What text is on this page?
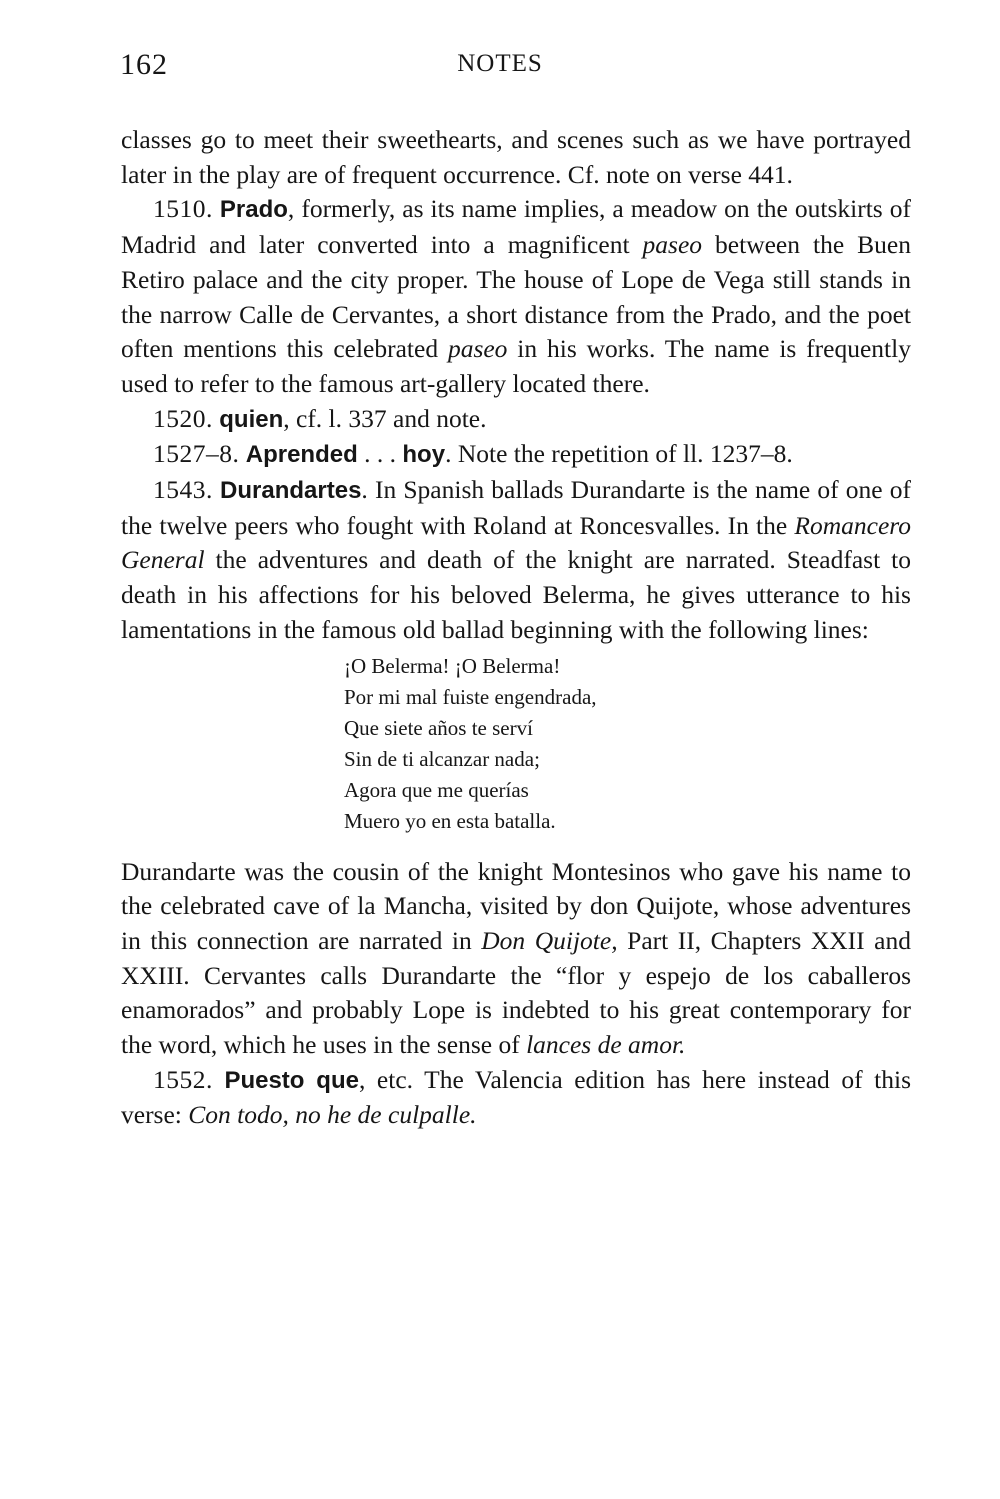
162	NOTES

classes go to meet their sweethearts, and scenes such as we have portrayed later in the play are of frequent occurrence. Cf. note on verse 441.

1510. Prado, formerly, as its name implies, a meadow on the outskirts of Madrid and later converted into a magnificent paseo between the Buen Retiro palace and the city proper. The house of Lope de Vega still stands in the narrow Calle de Cervantes, a short distance from the Prado, and the poet often mentions this celebrated paseo in his works. The name is frequently used to refer to the famous art-gallery located there.

1520. quien, cf. l. 337 and note.

1527–8. Aprended . . . hoy. Note the repetition of ll. 1237–8.

1543. Durandartes. In Spanish ballads Durandarte is the name of one of the twelve peers who fought with Roland at Roncesvalles. In the Romancero General the adventures and death of the knight are narrated. Steadfast to death in his affections for his beloved Belerma, he gives utterance to his lamentations in the famous old ballad beginning with the following lines:

¡O Belerma! ¡O Belerma!
Por mi mal fuiste engendrada,
Que siete años te serví
Sin de ti alcanzar nada;
Agora que me querías
Muero yo en esta batalla.

Durandarte was the cousin of the knight Montesinos who gave his name to the celebrated cave of la Mancha, visited by don Quijote, whose adventures in this connection are narrated in Don Quijote, Part II, Chapters XXII and XXIII. Cervantes calls Durandarte the “flor y espejo de los caballeros enamorados” and probably Lope is indebted to his great contemporary for the word, which he uses in the sense of lances de amor.

1552. Puesto que, etc. The Valencia edition has here instead of this verse: Con todo, no he de culpalle.
